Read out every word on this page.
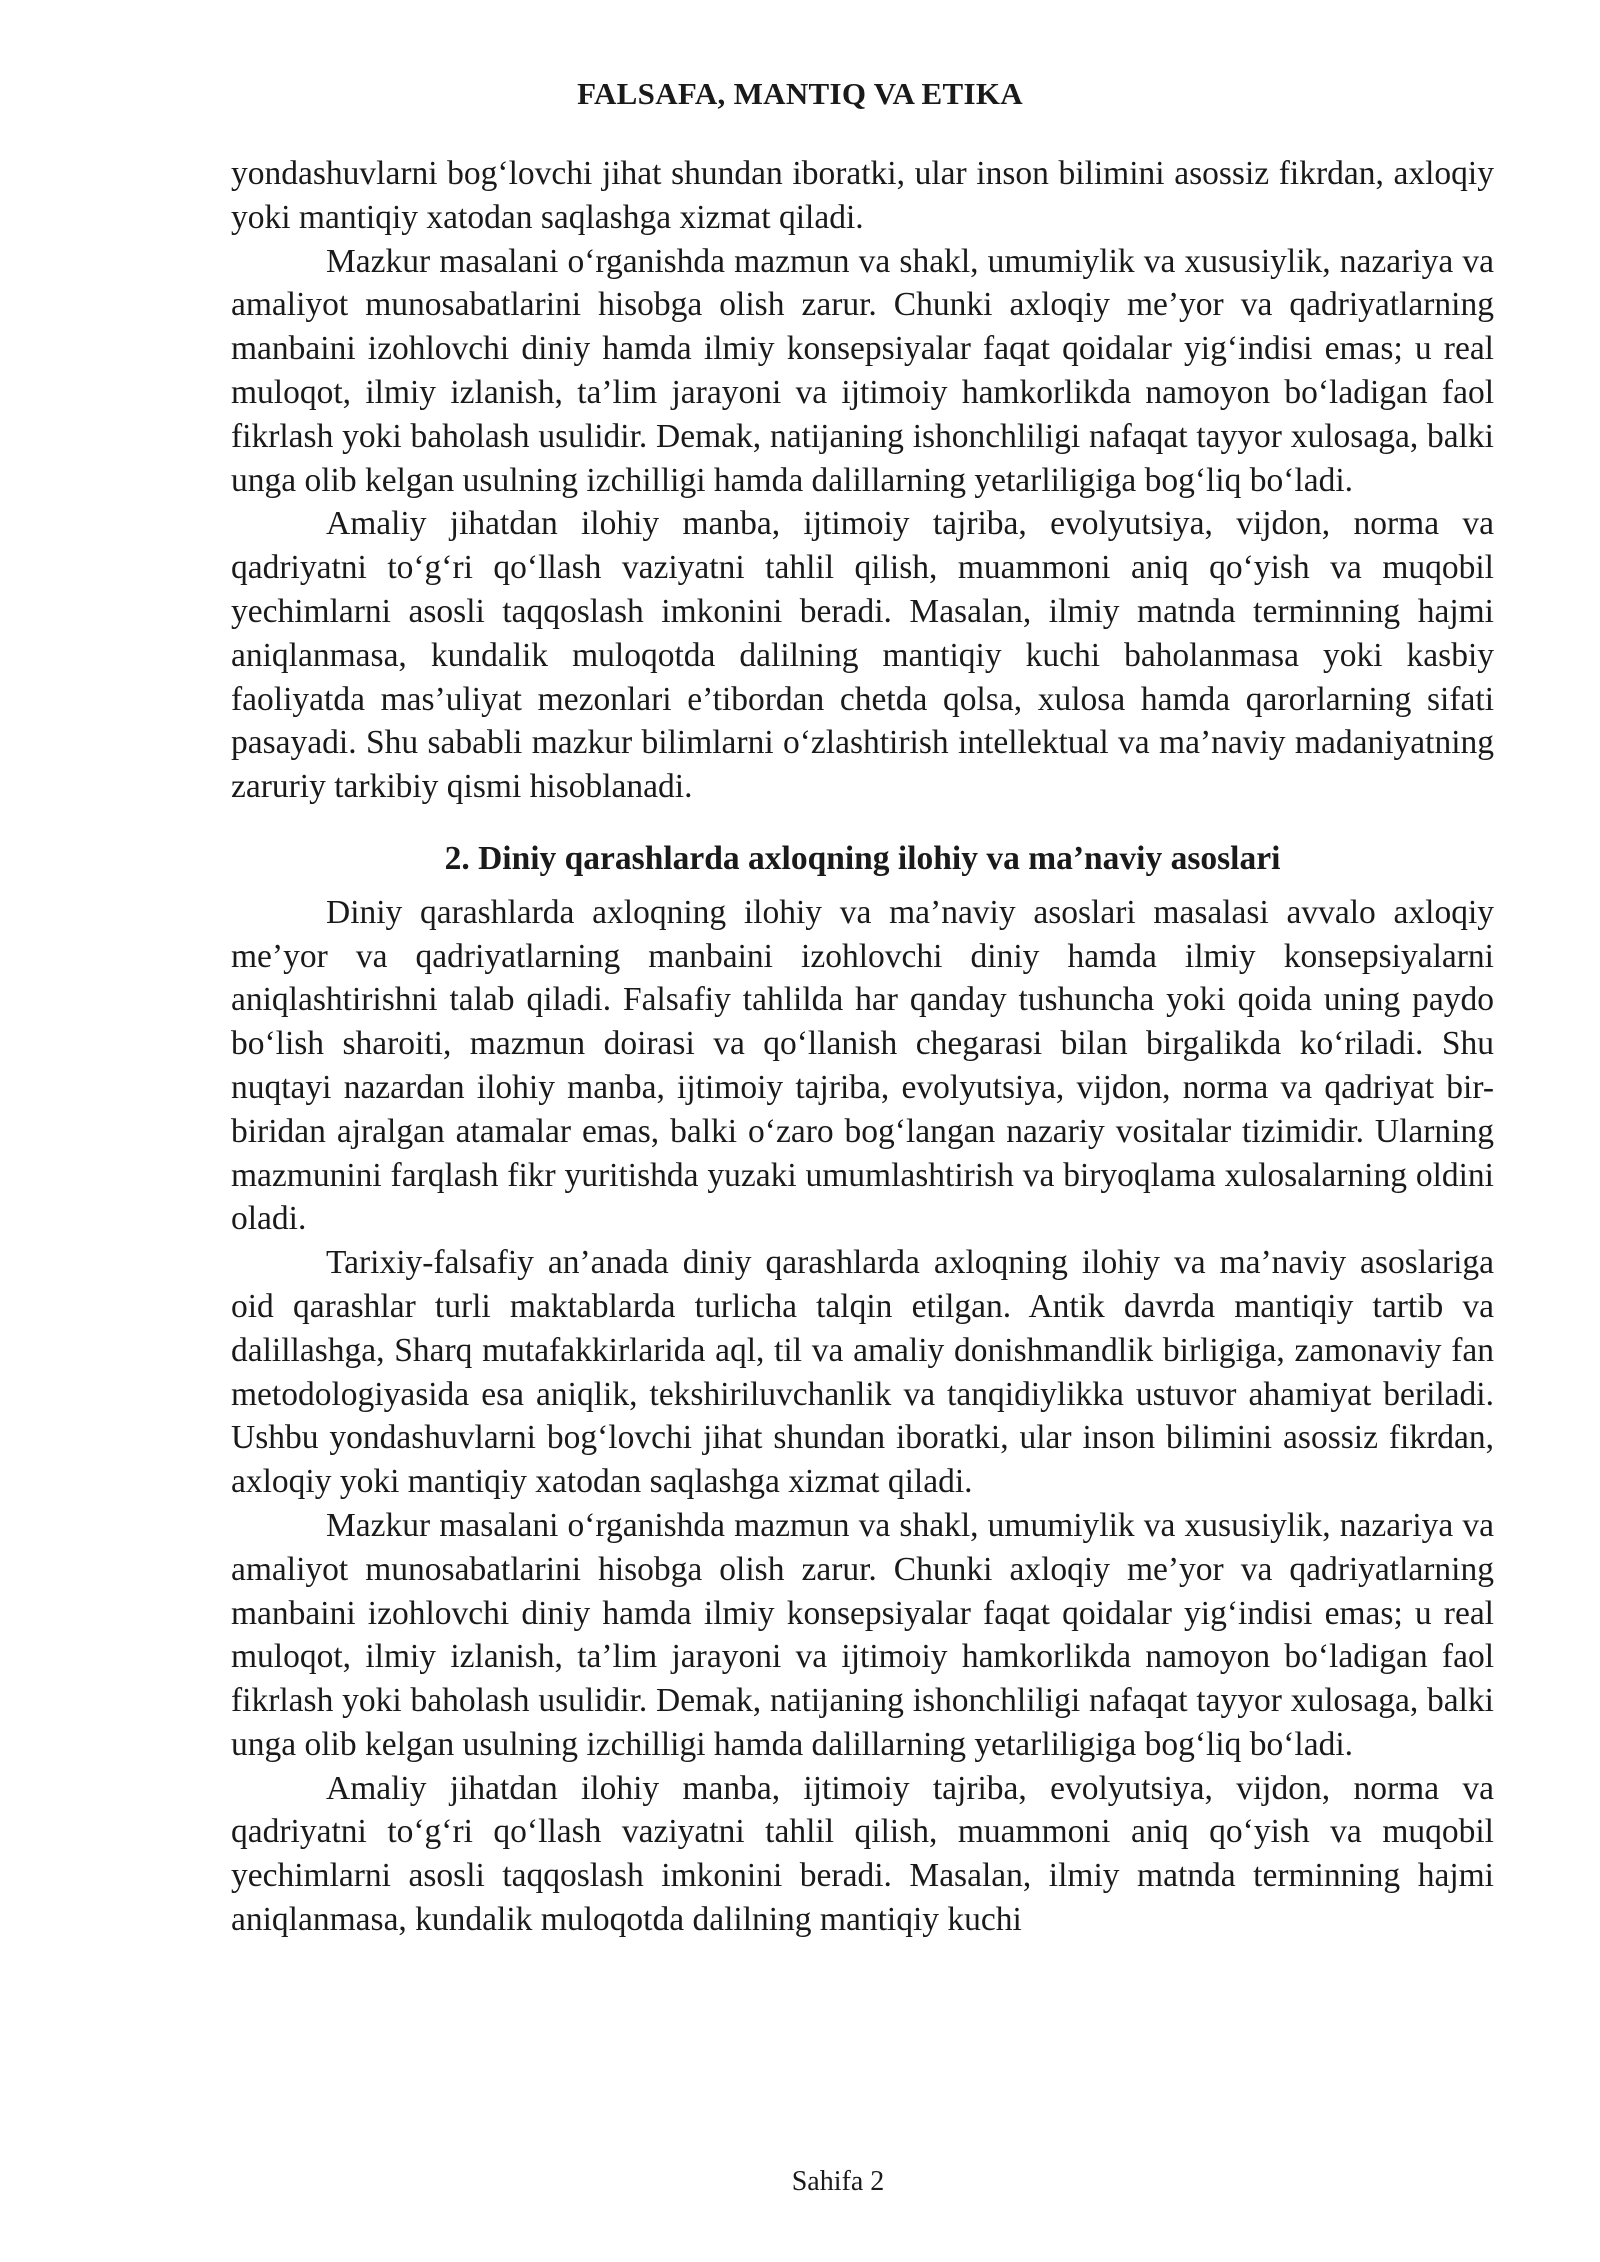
FALSAFA, MANTIQ VA ETIKA

yondashuvlarni bog‘lovchi jihat shundan iboratki, ular inson bilimini asossiz fikrdan, axloqiy yoki mantiqiy xatodan saqlashga xizmat qiladi.

Mazkur masalani o‘rganishda mazmun va shakl, umumiylik va xususiylik, nazariya va amaliyot munosabatlarini hisobga olish zarur. Chunki axloqiy me’yor va qadriyatlarning manbaini izohlovchi diniy hamda ilmiy konsepsiyalar faqat qoidalar yig‘indisi emas; u real muloqot, ilmiy izlanish, ta’lim jarayoni va ijtimoiy hamkorlikda namoyon bo‘ladigan faol fikrlash yoki baholash usulidir. Demak, natijaning ishonchliligi nafaqat tayyor xulosaga, balki unga olib kelgan usulning izchilligi hamda dalillarning yetarliligiga bog‘liq bo‘ladi.

Amaliy jihatdan ilohiy manba, ijtimoiy tajriba, evolyutsiya, vijdon, norma va qadriyatni to‘g‘ri qo‘llash vaziyatni tahlil qilish, muammoni aniq qo‘yish va muqobil yechimlarni asosli taqqoslash imkonini beradi. Masalan, ilmiy matnda terminning hajmi aniqlanmasa, kundalik muloqotda dalilning mantiqiy kuchi baholanmasa yoki kasbiy faoliyatda mas’uliyat mezonlari e’tibordan chetda qolsa, xulosa hamda qarorlarning sifati pasayadi. Shu sababli mazkur bilimlarni o‘zlashtirish intellektual va ma’naviy madaniyatning zaruriy tarkibiy qismi hisoblanadi.

2. Diniy qarashlarda axloqning ilohiy va ma’naviy asoslari

Diniy qarashlarda axloqning ilohiy va ma’naviy asoslari masalasi avvalo axloqiy me’yor va qadriyatlarning manbaini izohlovchi diniy hamda ilmiy konsepsiyalarni aniqlashtirishni talab qiladi. Falsafiy tahlilda har qanday tushuncha yoki qoida uning paydo bo‘lish sharoiti, mazmun doirasi va qo‘llanish chegarasi bilan birgalikda ko‘riladi. Shu nuqtayi nazardan ilohiy manba, ijtimoiy tajriba, evolyutsiya, vijdon, norma va qadriyat bir-biridan ajralgan atamalar emas, balki o‘zaro bog‘langan nazariy vositalar tizimidir. Ularning mazmunini farqlash fikr yuritishda yuzaki umumlashtirish va biryoqlama xulosalarning oldini oladi.

Tarixiy-falsafiy an’anada diniy qarashlarda axloqning ilohiy va ma’naviy asoslariga oid qarashlar turli maktablarda turlicha talqin etilgan. Antik davrda mantiqiy tartib va dalillashga, Sharq mutafakkirlarida aql, til va amaliy donishmandlik birligiga, zamonaviy fan metodologiyasida esa aniqlik, tekshiriluvchanlik va tanqidiylikka ustuvor ahamiyat beriladi. Ushbu yondashuvlarni bog‘lovchi jihat shundan iboratki, ular inson bilimini asossiz fikrdan, axloqiy yoki mantiqiy xatodan saqlashga xizmat qiladi.

Mazkur masalani o‘rganishda mazmun va shakl, umumiylik va xususiylik, nazariya va amaliyot munosabatlarini hisobga olish zarur. Chunki axloqiy me’yor va qadriyatlarning manbaini izohlovchi diniy hamda ilmiy konsepsiyalar faqat qoidalar yig‘indisi emas; u real muloqot, ilmiy izlanish, ta’lim jarayoni va ijtimoiy hamkorlikda namoyon bo‘ladigan faol fikrlash yoki baholash usulidir. Demak, natijaning ishonchliligi nafaqat tayyor xulosaga, balki unga olib kelgan usulning izchilligi hamda dalillarning yetarliligiga bog‘liq bo‘ladi.

Amaliy jihatdan ilohiy manba, ijtimoiy tajriba, evolyutsiya, vijdon, norma va qadriyatni to‘g‘ri qo‘llash vaziyatni tahlil qilish, muammoni aniq qo‘yish va muqobil yechimlarni asosli taqqoslash imkonini beradi. Masalan, ilmiy matnda terminning hajmi aniqlanmasa, kundalik muloqotda dalilning mantiqiy kuchi

Sahifa 2
